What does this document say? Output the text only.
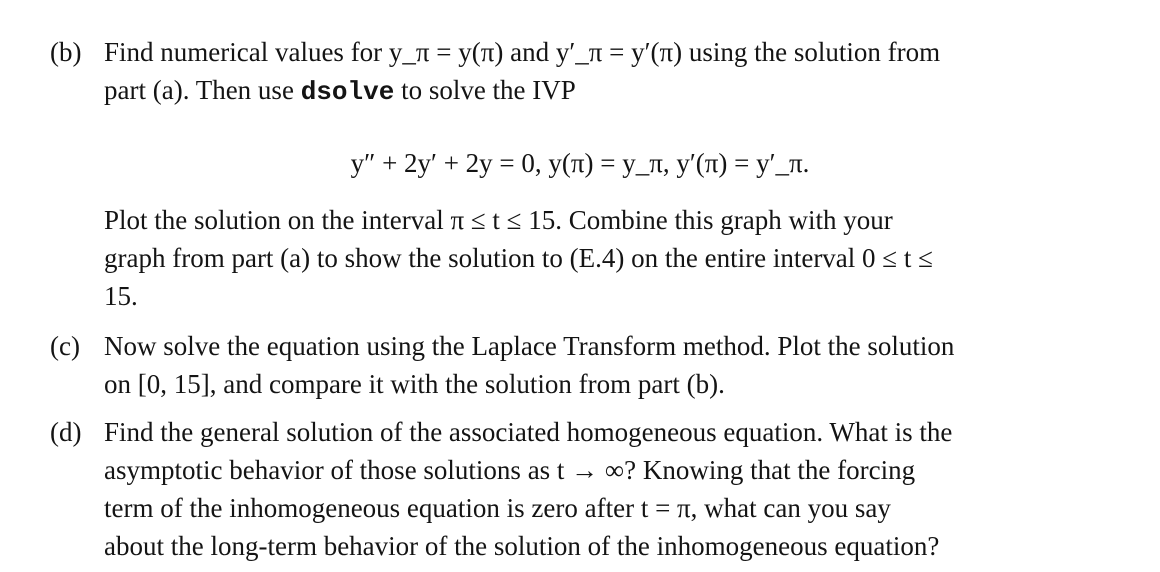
(b) Find numerical values for y_π = y(π) and y′_π = y′(π) using the solution from
part (a). Then use dsolve to solve the IVP
y″ + 2y′ + 2y = 0, y(π) = y_π, y′(π) = y′_π.
Plot the solution on the interval π ≤ t ≤ 15. Combine this graph with your
graph from part (a) to show the solution to (E.4) on the entire interval 0 ≤ t ≤
15.
(c) Now solve the equation using the Laplace Transform method. Plot the solution
on [0, 15], and compare it with the solution from part (b).
(d) Find the general solution of the associated homogeneous equation. What is the
asymptotic behavior of those solutions as t → ∞? Knowing that the forcing
term of the inhomogeneous equation is zero after t = π, what can you say
about the long-term behavior of the solution of the inhomogeneous equation?
